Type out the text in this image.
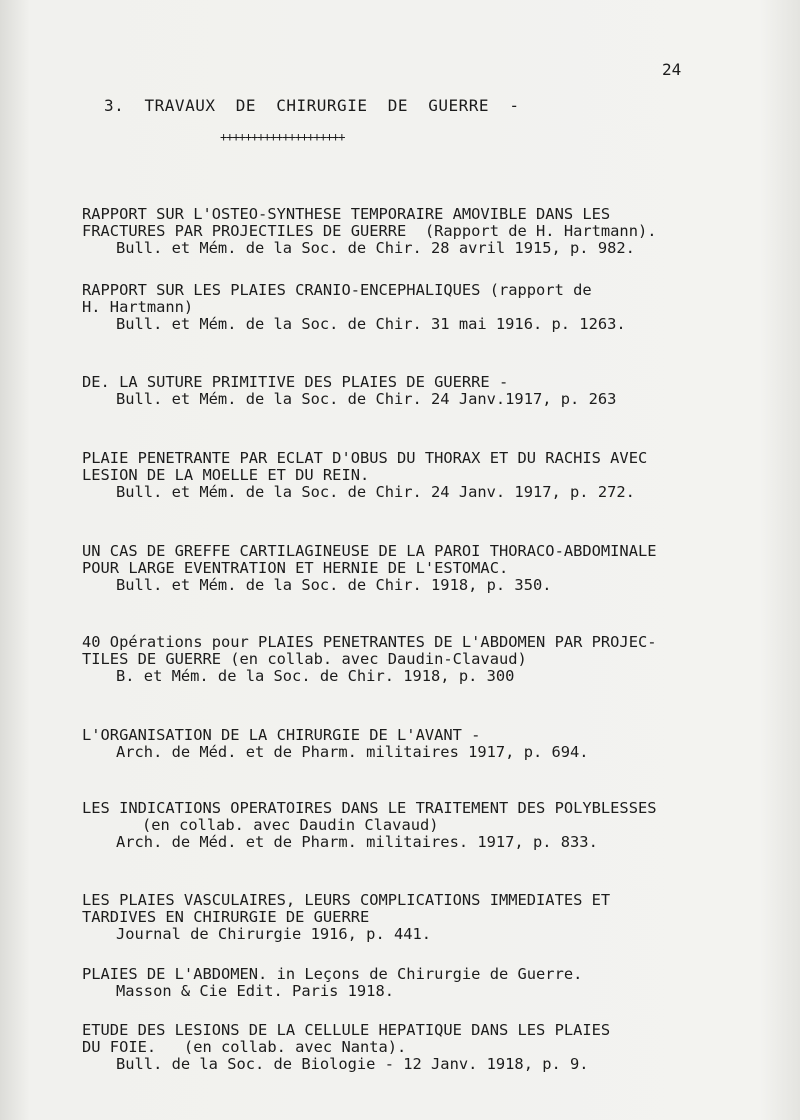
24
3.  TRAVAUX  DE  CHIRURGIE  DE  GUERRE  -
++++++++++++++++++++
RAPPORT SUR L'OSTEO-SYNTHESE TEMPORAIRE AMOVIBLE DANS LES
FRACTURES PAR PROJECTILES DE GUERRE  (Rapport de H. Hartmann).
Bull. et Mém. de la Soc. de Chir. 28 avril 1915, p. 982.
RAPPORT SUR LES PLAIES CRANIO-ENCEPHALIQUES (rapport de
H. Hartmann)
Bull. et Mém. de la Soc. de Chir. 31 mai 1916. p. 1263.
DE. LA SUTURE PRIMITIVE DES PLAIES DE GUERRE -
Bull. et Mém. de la Soc. de Chir. 24 Janv.1917, p. 263
PLAIE PENETRANTE PAR ECLAT D'OBUS DU THORAX ET DU RACHIS AVEC
LESION DE LA MOELLE ET DU REIN.
Bull. et Mém. de la Soc. de Chir. 24 Janv. 1917, p. 272.
UN CAS DE GREFFE CARTILAGINEUSE DE LA PAROI THORACO-ABDOMINALE
POUR LARGE EVENTRATION ET HERNIE DE L'ESTOMAC.
Bull. et Mém. de la Soc. de Chir. 1918, p. 350.
40 Opérations pour PLAIES PENETRANTES DE L'ABDOMEN PAR PROJEC-
TILES DE GUERRE (en collab. avec Daudin-Clavaud)
B. et Mém. de la Soc. de Chir. 1918, p. 300
L'ORGANISATION DE LA CHIRURGIE DE L'AVANT -
Arch. de Méd. et de Pharm. militaires 1917, p. 694.
LES INDICATIONS OPERATOIRES DANS LE TRAITEMENT DES POLYBLESSES
(en collab. avec Daudin Clavaud)
Arch. de Méd. et de Pharm. militaires. 1917, p. 833.
LES PLAIES VASCULAIRES, LEURS COMPLICATIONS IMMEDIATES ET
TARDIVES EN CHIRURGIE DE GUERRE
Journal de Chirurgie 1916, p. 441.
PLAIES DE L'ABDOMEN. in Leçons de Chirurgie de Guerre.
Masson & Cie Edit. Paris 1918.
ETUDE DES LESIONS DE LA CELLULE HEPATIQUE DANS LES PLAIES
DU FOIE.   (en collab. avec Nanta).
Bull. de la Soc. de Biologie - 12 Janv. 1918, p. 9.
